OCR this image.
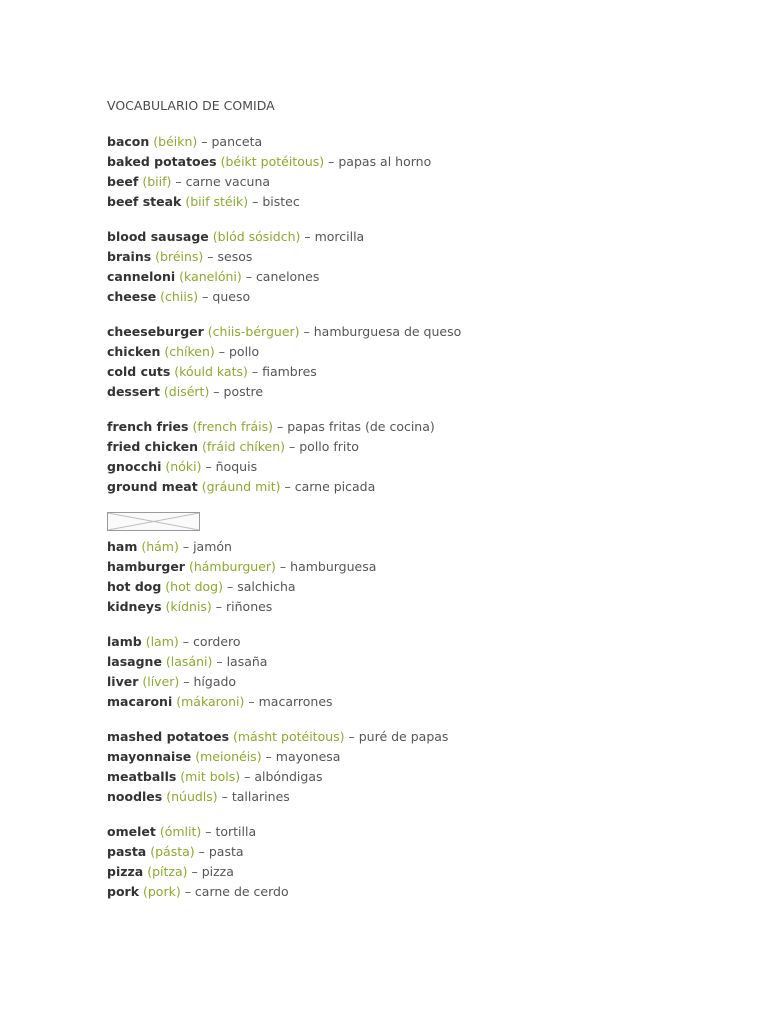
VOCABULARIO DE COMIDA
bacon (béikn) – panceta
baked potatoes (béikt potéitous) – papas al horno
beef (biif) – carne vacuna
beef steak (biif stéik) – bistec
blood sausage (blód sósidch) – morcilla
brains (bréins) – sesos
canneloni (kanelóni) – canelones
cheese (chiis) – queso
cheeseburger (chiis-bérguer) – hamburguesa de queso
chicken (chíken) – pollo
cold cuts (kóuld kats) – fiambres
dessert (disért) – postre
french fries (french fráis) – papas fritas (de cocina)
fried chicken (fráid chíken) – pollo frito
gnocchi (nóki) – ñoquis
ground meat (gráund mit) – carne picada
ham (hám) – jamón
hamburger (hámburguer) – hamburguesa
hot dog (hot dog) – salchicha
kidneys (kídnis) – riñones
lamb (lam) – cordero
lasagne (lasáni) – lasaña
liver (líver) – hígado
macaroni (mákaroni) – macarrones
mashed potatoes (másht potéitous) – puré de papas
mayonnaise (meionéis) – mayonesa
meatballs (mit bols) – albóndigas
noodles (núudls) – tallarines
omelet (ómlit) – tortilla
pasta (pásta) – pasta
pizza (pítza) – pizza
pork (pork) – carne de cerdo
